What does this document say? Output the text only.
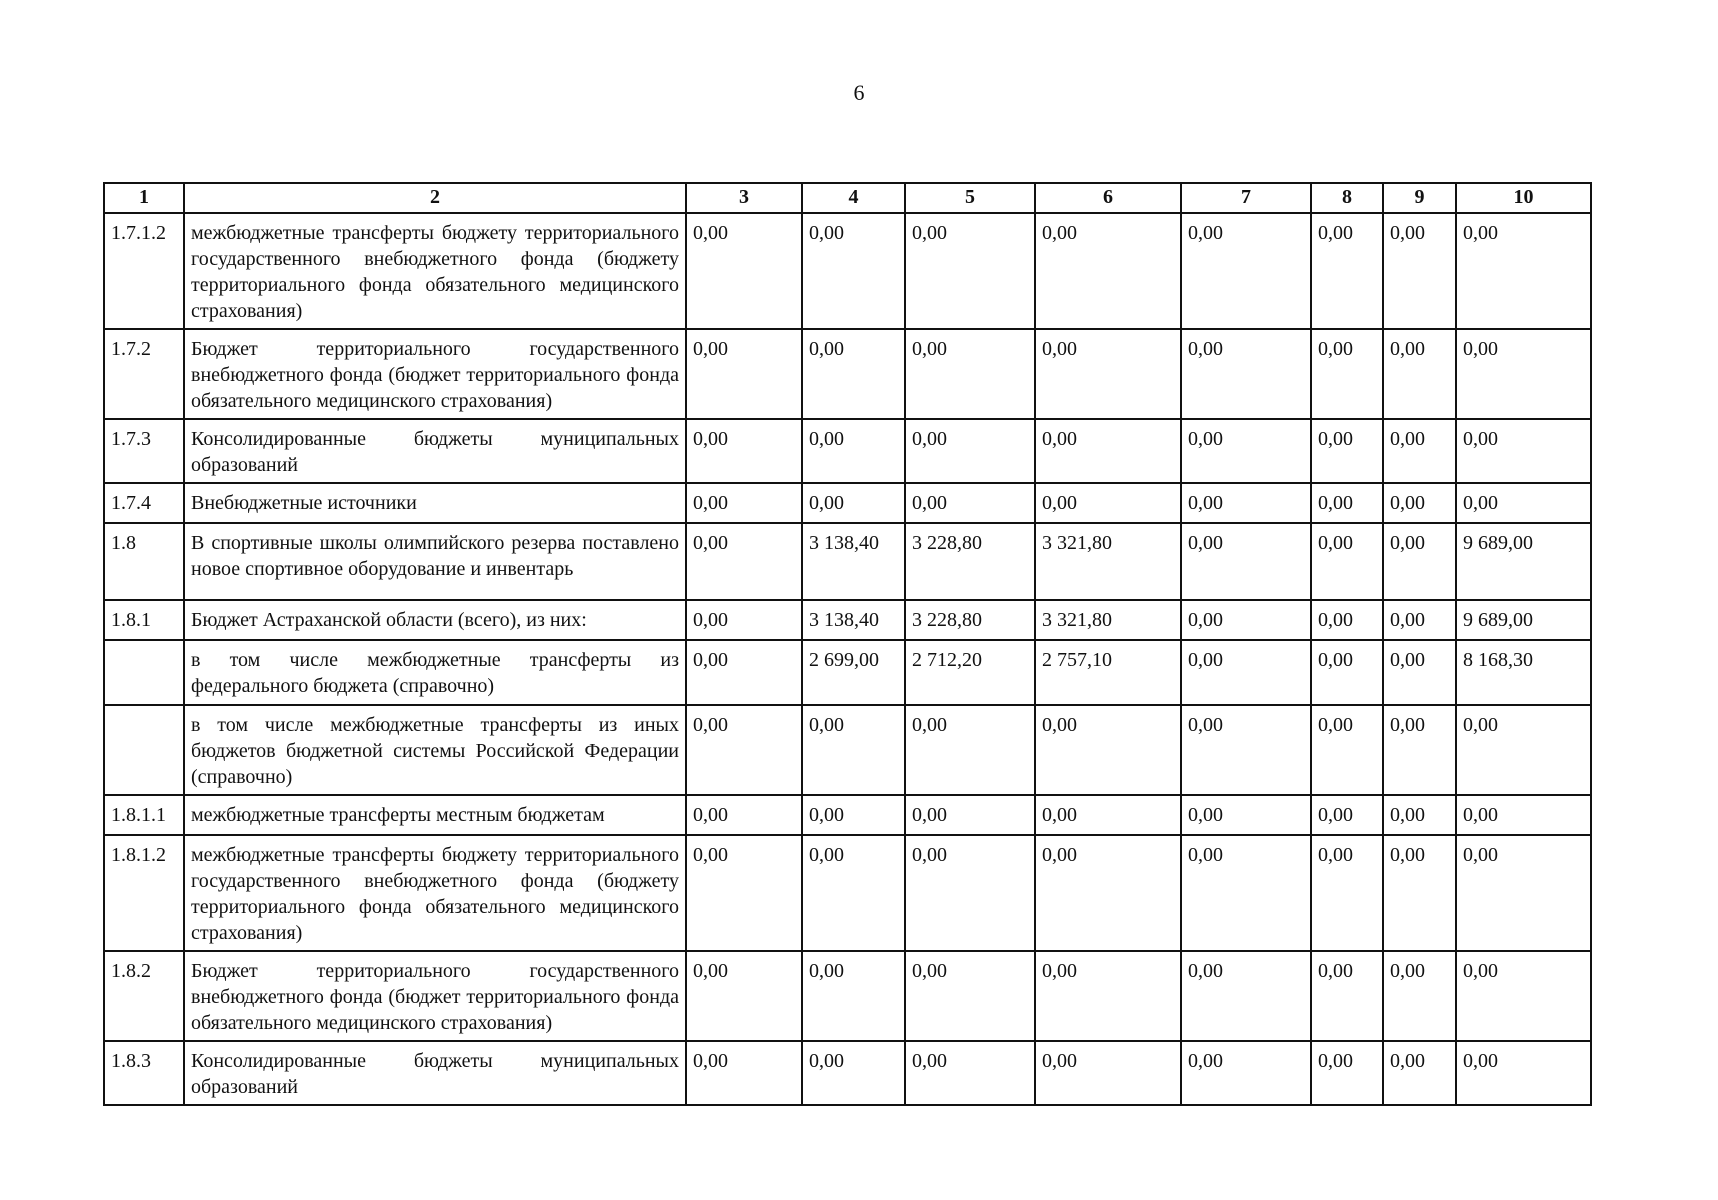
6
1	2	3	4	5	6	7	8	9	10
1.7.1.2	межбюджетные трансферты бюджету территориального государственного внебюджетного фонда (бюджету территориального фонда обязательного медицинского страхования)	0,00	0,00	0,00	0,00	0,00	0,00	0,00	0,00
1.7.2	Бюджет территориального государственного внебюджетного фонда (бюджет территориального фонда обязательного медицинского страхования)	0,00	0,00	0,00	0,00	0,00	0,00	0,00	0,00
1.7.3	Консолидированные бюджеты муниципальных образований	0,00	0,00	0,00	0,00	0,00	0,00	0,00	0,00
1.7.4	Внебюджетные источники	0,00	0,00	0,00	0,00	0,00	0,00	0,00	0,00
1.8	В спортивные школы олимпийского резерва поставлено новое спортивное оборудование и инвентарь	0,00	3 138,40	3 228,80	3 321,80	0,00	0,00	0,00	9 689,00
1.8.1	Бюджет Астраханской области (всего), из них:	0,00	3 138,40	3 228,80	3 321,80	0,00	0,00	0,00	9 689,00
	в том числе межбюджетные трансферты из федерального бюджета (справочно)	0,00	2 699,00	2 712,20	2 757,10	0,00	0,00	0,00	8 168,30
	в том числе межбюджетные трансферты из иных бюджетов бюджетной системы Российской Федерации (справочно)	0,00	0,00	0,00	0,00	0,00	0,00	0,00	0,00
1.8.1.1	межбюджетные трансферты местным бюджетам	0,00	0,00	0,00	0,00	0,00	0,00	0,00	0,00
1.8.1.2	межбюджетные трансферты бюджету территориального государственного внебюджетного фонда (бюджету территориального фонда обязательного медицинского страхования)	0,00	0,00	0,00	0,00	0,00	0,00	0,00	0,00
1.8.2	Бюджет территориального государственного внебюджетного фонда (бюджет территориального фонда обязательного медицинского страхования)	0,00	0,00	0,00	0,00	0,00	0,00	0,00	0,00
1.8.3	Консолидированные бюджеты муниципальных образований	0,00	0,00	0,00	0,00	0,00	0,00	0,00	0,00
